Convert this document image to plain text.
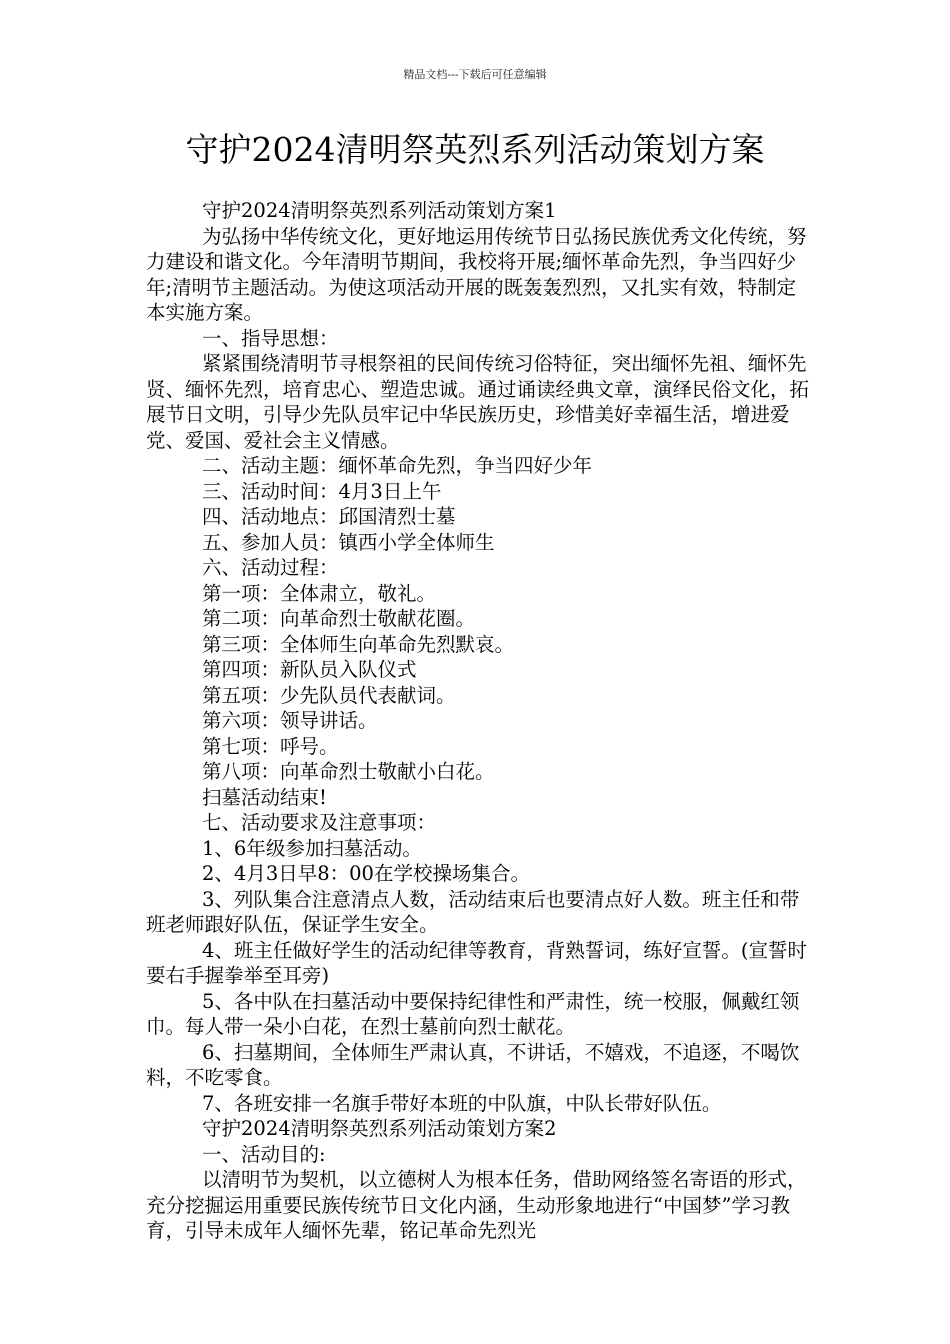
精品文档---下载后可任意编辑
守护2024清明祭英烈系列活动策划方案

守护2024清明祭英烈系列活动策划方案1

为弘扬中华传统文化，更好地运用传统节日弘扬民族优秀文化传统，努力建设和谐文化。今年清明节期间，我校将开展;缅怀革命先烈，争当四好少年;清明节主题活动。为使这项活动开展的既轰轰烈烈，又扎实有效，特制定本实施方案。

一、指导思想：

紧紧围绕清明节寻根祭祖的民间传统习俗特征，突出缅怀先祖、缅怀先贤、缅怀先烈，培育忠心、塑造忠诚。通过诵读经典文章，演绎民俗文化，拓展节日文明，引导少先队员牢记中华民族历史，珍惜美好幸福生活，增进爱党、爱国、爱社会主义情感。

二、活动主题：缅怀革命先烈，争当四好少年

三、活动时间：4月3日上午

四、活动地点：邱国清烈士墓

五、参加人员：镇西小学全体师生

六、活动过程：

第一项：全体肃立，敬礼。

第二项：向革命烈士敬献花圈。

第三项：全体师生向革命先烈默哀。

第四项：新队员入队仪式

第五项：少先队员代表献词。

第六项：领导讲话。

第七项：呼号。

第八项：向革命烈士敬献小白花。

扫墓活动结束!

七、活动要求及注意事项：

1、6年级参加扫墓活动。

2、4月3日早8：00在学校操场集合。

3、列队集合注意清点人数，活动结束后也要清点好人数。班主任和带班老师跟好队伍，保证学生安全。

4、班主任做好学生的活动纪律等教育，背熟誓词，练好宣誓。(宣誓时要右手握拳举至耳旁)

5、各中队在扫墓活动中要保持纪律性和严肃性，统一校服，佩戴红领巾。每人带一朵小白花，在烈士墓前向烈士献花。

6、扫墓期间，全体师生严肃认真，不讲话，不嬉戏，不追逐，不喝饮料，不吃零食。

7、各班安排一名旗手带好本班的中队旗，中队长带好队伍。

守护2024清明祭英烈系列活动策划方案2

一、活动目的:

以清明节为契机，以立德树人为根本任务，借助网络签名寄语的形式，充分挖掘运用重要民族传统节日文化内涵，生动形象地进行“中国梦”学习教育，引导未成年人缅怀先辈，铭记革命先烈光
